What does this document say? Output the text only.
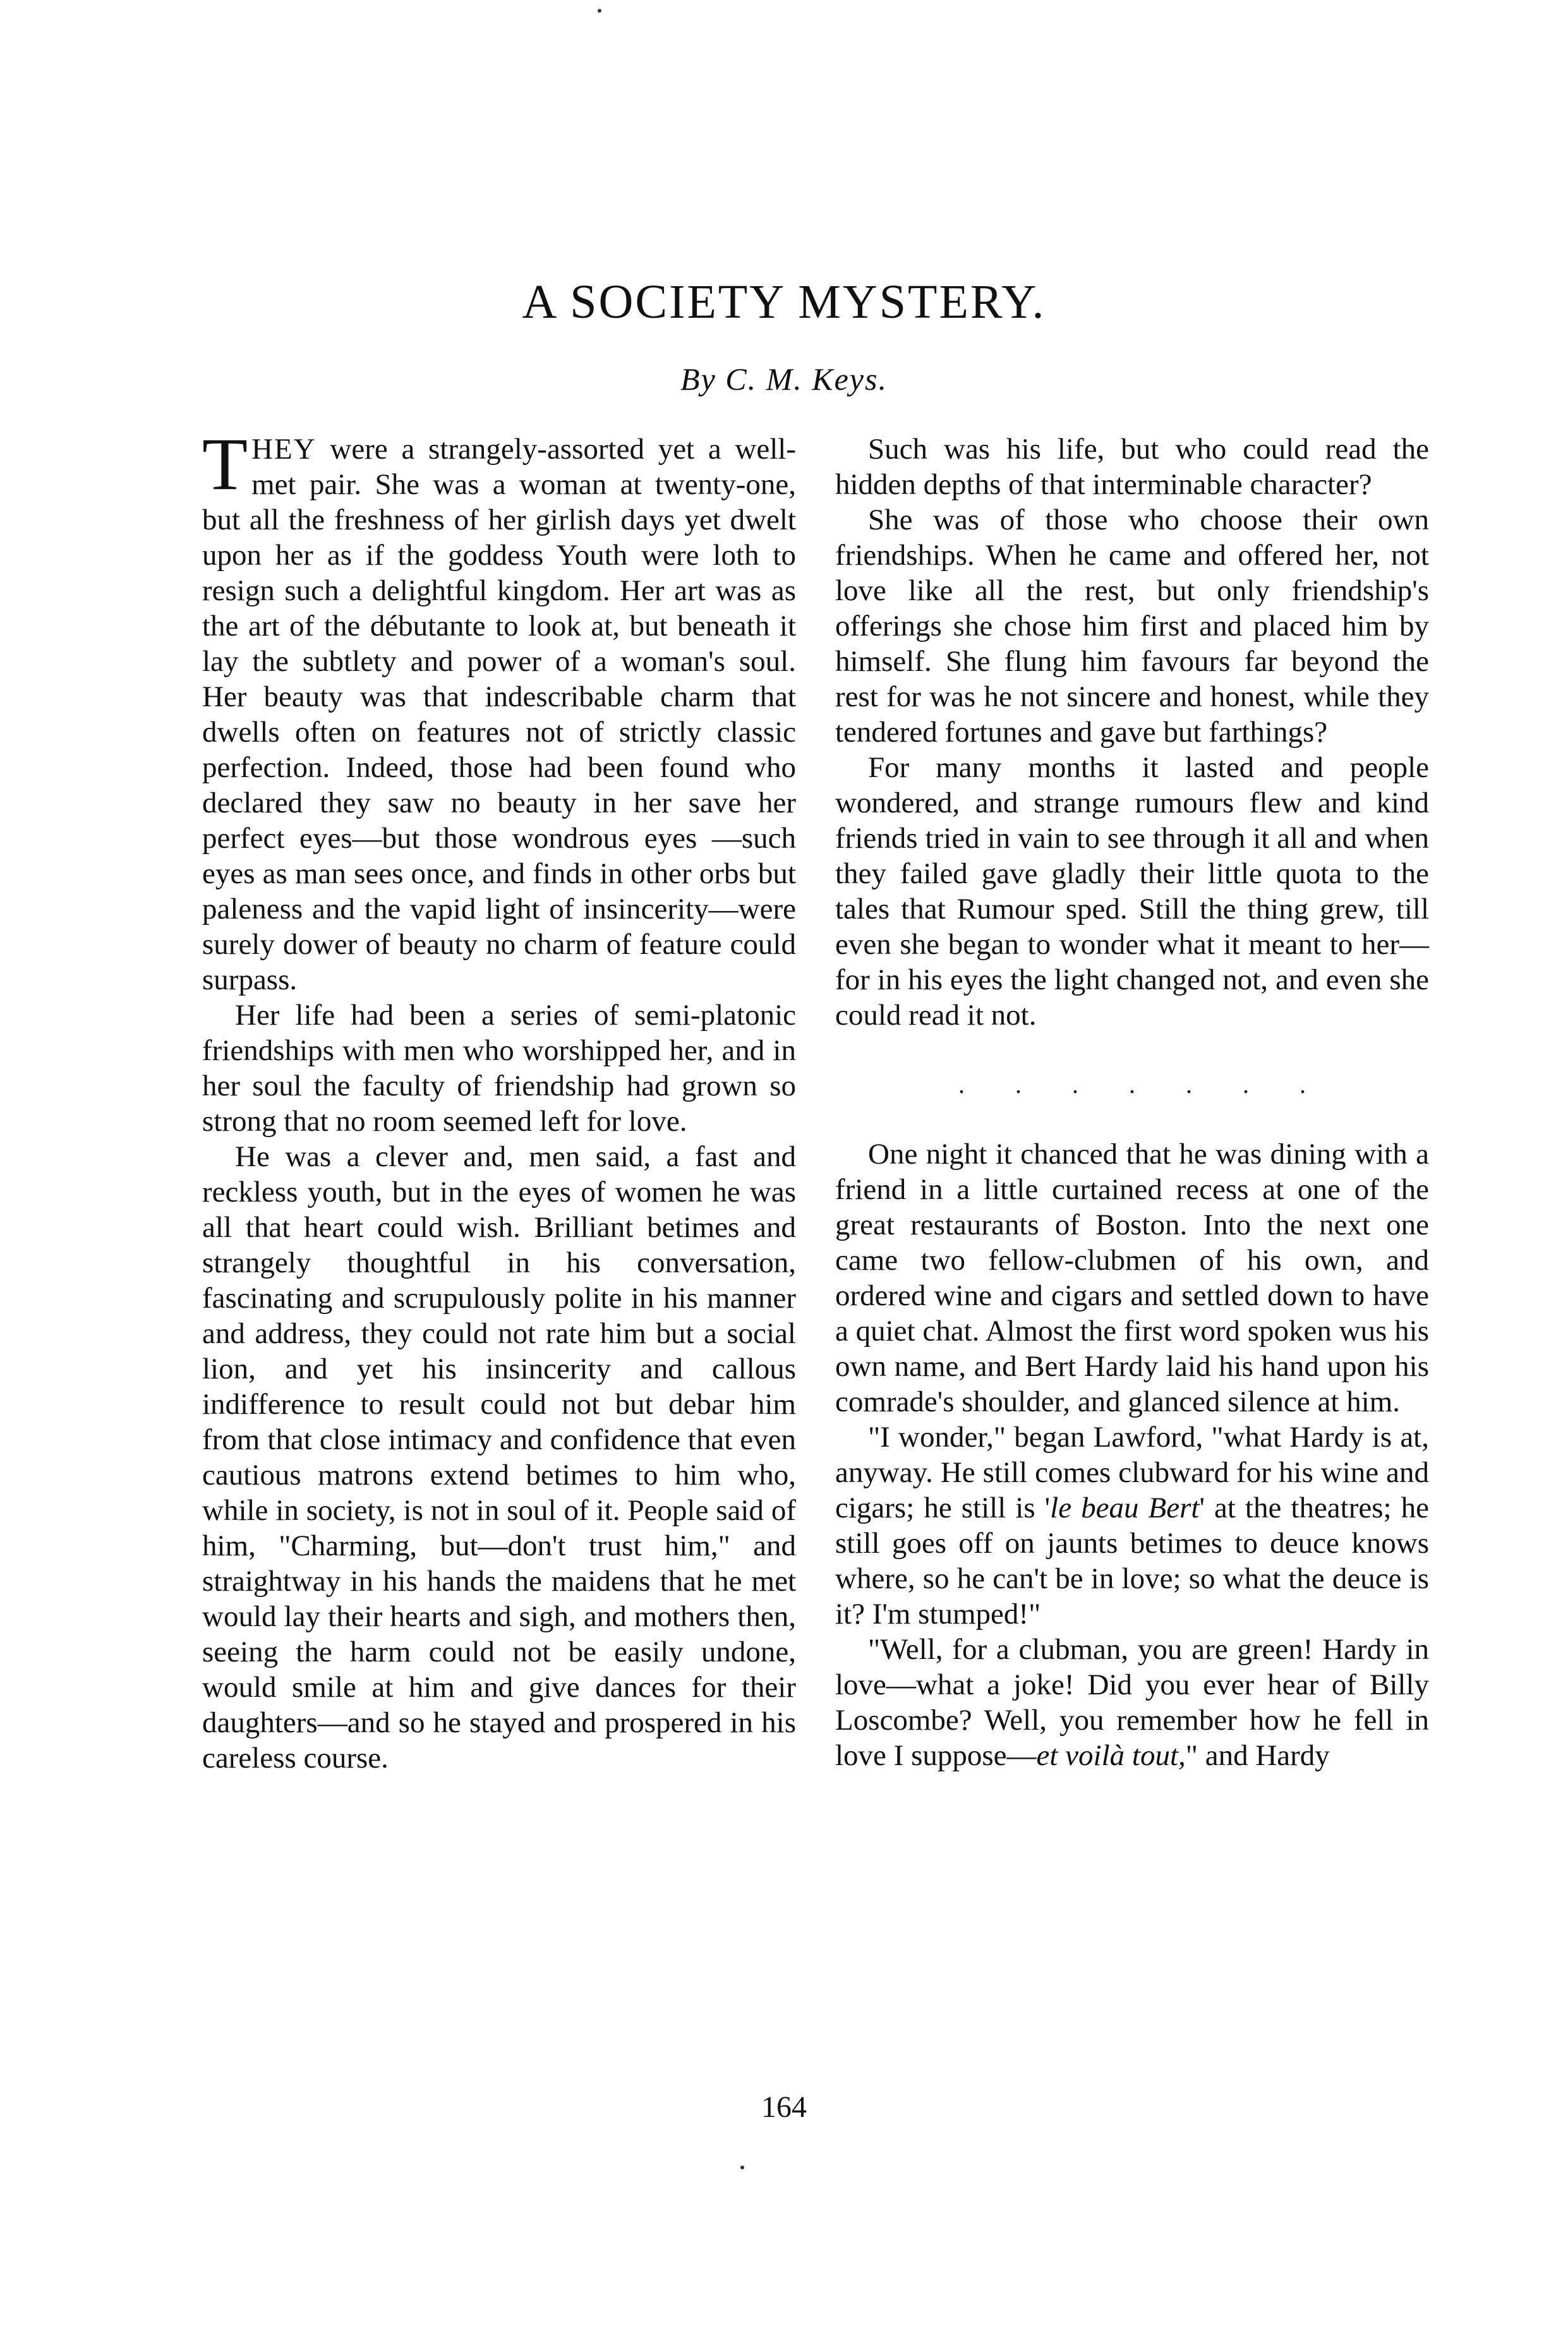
A SOCIETY MYSTERY.
By C. M. Keys.

THEY were a strangely-assorted yet a well-met pair. She was a woman at twenty-one, but all the freshness of her girlish days yet dwelt upon her as if the goddess Youth were loth to resign such a delightful kingdom. Her art was as the art of the débutante to look at, but beneath it lay the subtlety and power of a woman's soul. Her beauty was that indescribable charm that dwells often on features not of strictly classic perfection. Indeed, those had been found who declared they saw no beauty in her save her perfect eyes—but those wondrous eyes —such eyes as man sees once, and finds in other orbs but paleness and the vapid light of insincerity—were surely dower of beauty no charm of feature could surpass.

Her life had been a series of semi-platonic friendships with men who worshipped her, and in her soul the faculty of friendship had grown so strong that no room seemed left for love.

He was a clever and, men said, a fast and reckless youth, but in the eyes of women he was all that heart could wish. Brilliant betimes and strangely thoughtful in his conversation, fascinating and scrupulously polite in his manner and address, they could not rate him but a social lion, and yet his insincerity and callous indifference to result could not but debar him from that close intimacy and confidence that even cautious matrons extend betimes to him who, while in society, is not in soul of it. People said of him, "Charming, but—don't trust him," and straightway in his hands the maidens that he met would lay their hearts and sigh, and mothers then, seeing the harm could not be easily undone, would smile at him and give dances for their daughters—and so he stayed and prospered in his careless course.

Such was his life, but who could read the hidden depths of that interminable character?

She was of those who choose their own friendships. When he came and offered her, not love like all the rest, but only friendship's offerings she chose him first and placed him by himself. She flung him favours far beyond the rest for was he not sincere and honest, while they tendered fortunes and gave but farthings?

For many months it lasted and people wondered, and strange rumours flew and kind friends tried in vain to see through it all and when they failed gave gladly their little quota to the tales that Rumour sped. Still the thing grew, till even she began to wonder what it meant to her—for in his eyes the light changed not, and even she could read it not.

. . . . . . .

One night it chanced that he was dining with a friend in a little curtained recess at one of the great restaurants of Boston. Into the next one came two fellow-clubmen of his own, and ordered wine and cigars and settled down to have a quiet chat. Almost the first word spoken wus his own name, and Bert Hardy laid his hand upon his comrade's shoulder, and glanced silence at him.

"I wonder," began Lawford, "what Hardy is at, anyway. He still comes clubward for his wine and cigars; he still is 'le beau Bert' at the theatres; he still goes off on jaunts betimes to deuce knows where, so he can't be in love; so what the deuce is it? I'm stumped!"

"Well, for a clubman, you are green! Hardy in love—what a joke! Did you ever hear of Billy Loscombe? Well, you remember how he fell in love I suppose—et voilà tout," and Hardy

164
